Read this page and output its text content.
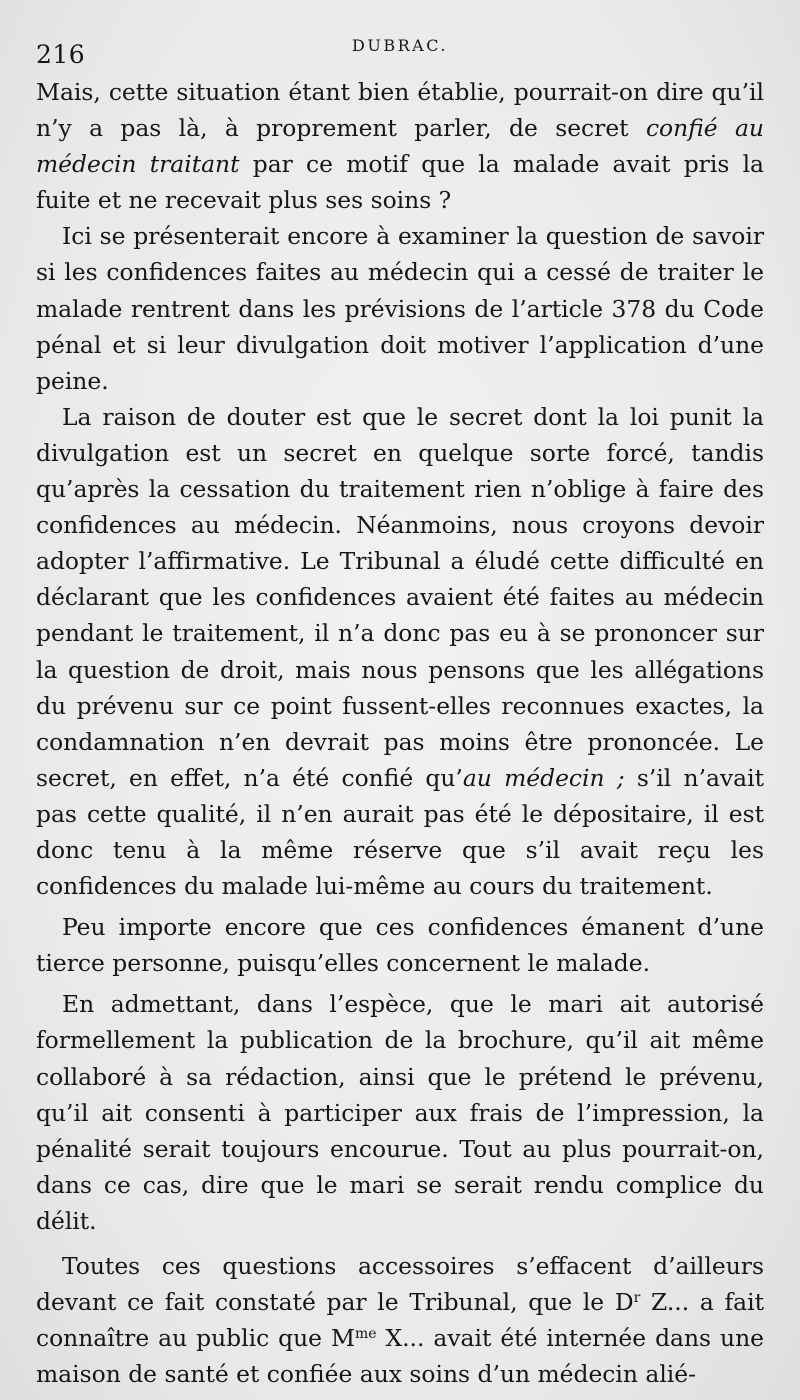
216	DUBRAC.

Mais, cette situation étant bien établie, pourrait-on dire qu’il n’y a pas là, à proprement parler, de secret confié au médecin traitant par ce motif que la malade avait pris la fuite et ne recevait plus ses soins ?

Ici se présenterait encore à examiner la question de savoir si les confidences faites au médecin qui a cessé de traiter le malade rentrent dans les prévisions de l’article 378 du Code pénal et si leur divulgation doit motiver l’application d’une peine.

La raison de douter est que le secret dont la loi punit la divulgation est un secret en quelque sorte forcé, tandis qu’après la cessation du traitement rien n’oblige à faire des confidences au médecin. Néanmoins, nous croyons devoir adopter l’affirmative. Le Tribunal a éludé cette difficulté en déclarant que les confidences avaient été faites au médecin pendant le traitement, il n’a donc pas eu à se prononcer sur la question de droit, mais nous pensons que les allégations du prévenu sur ce point fussent-elles reconnues exactes, la condamnation n’en devrait pas moins être prononcée. Le secret, en effet, n’a été confié qu’au médecin ; s’il n’avait pas cette qualité, il n’en aurait pas été le dépositaire, il est donc tenu à la même réserve que s’il avait reçu les confidences du malade lui-même au cours du traitement.

Peu importe encore que ces confidences émanent d’une tierce personne, puisqu’elles concernent le malade.

En admettant, dans l’espèce, que le mari ait autorisé formellement la publication de la brochure, qu’il ait même collaboré à sa rédaction, ainsi que le prétend le prévenu, qu’il ait consenti à participer aux frais de l’impression, la pénalité serait toujours encourue. Tout au plus pourrait-on, dans ce cas, dire que le mari se serait rendu complice du délit.

Toutes ces questions accessoires s’effacent d’ailleurs devant ce fait constaté par le Tribunal, que le $D^r$ Z... a fait connaître au public que $M^{me}$ X... avait été internée dans une maison de santé et confiée aux soins d’un médecin alié-
